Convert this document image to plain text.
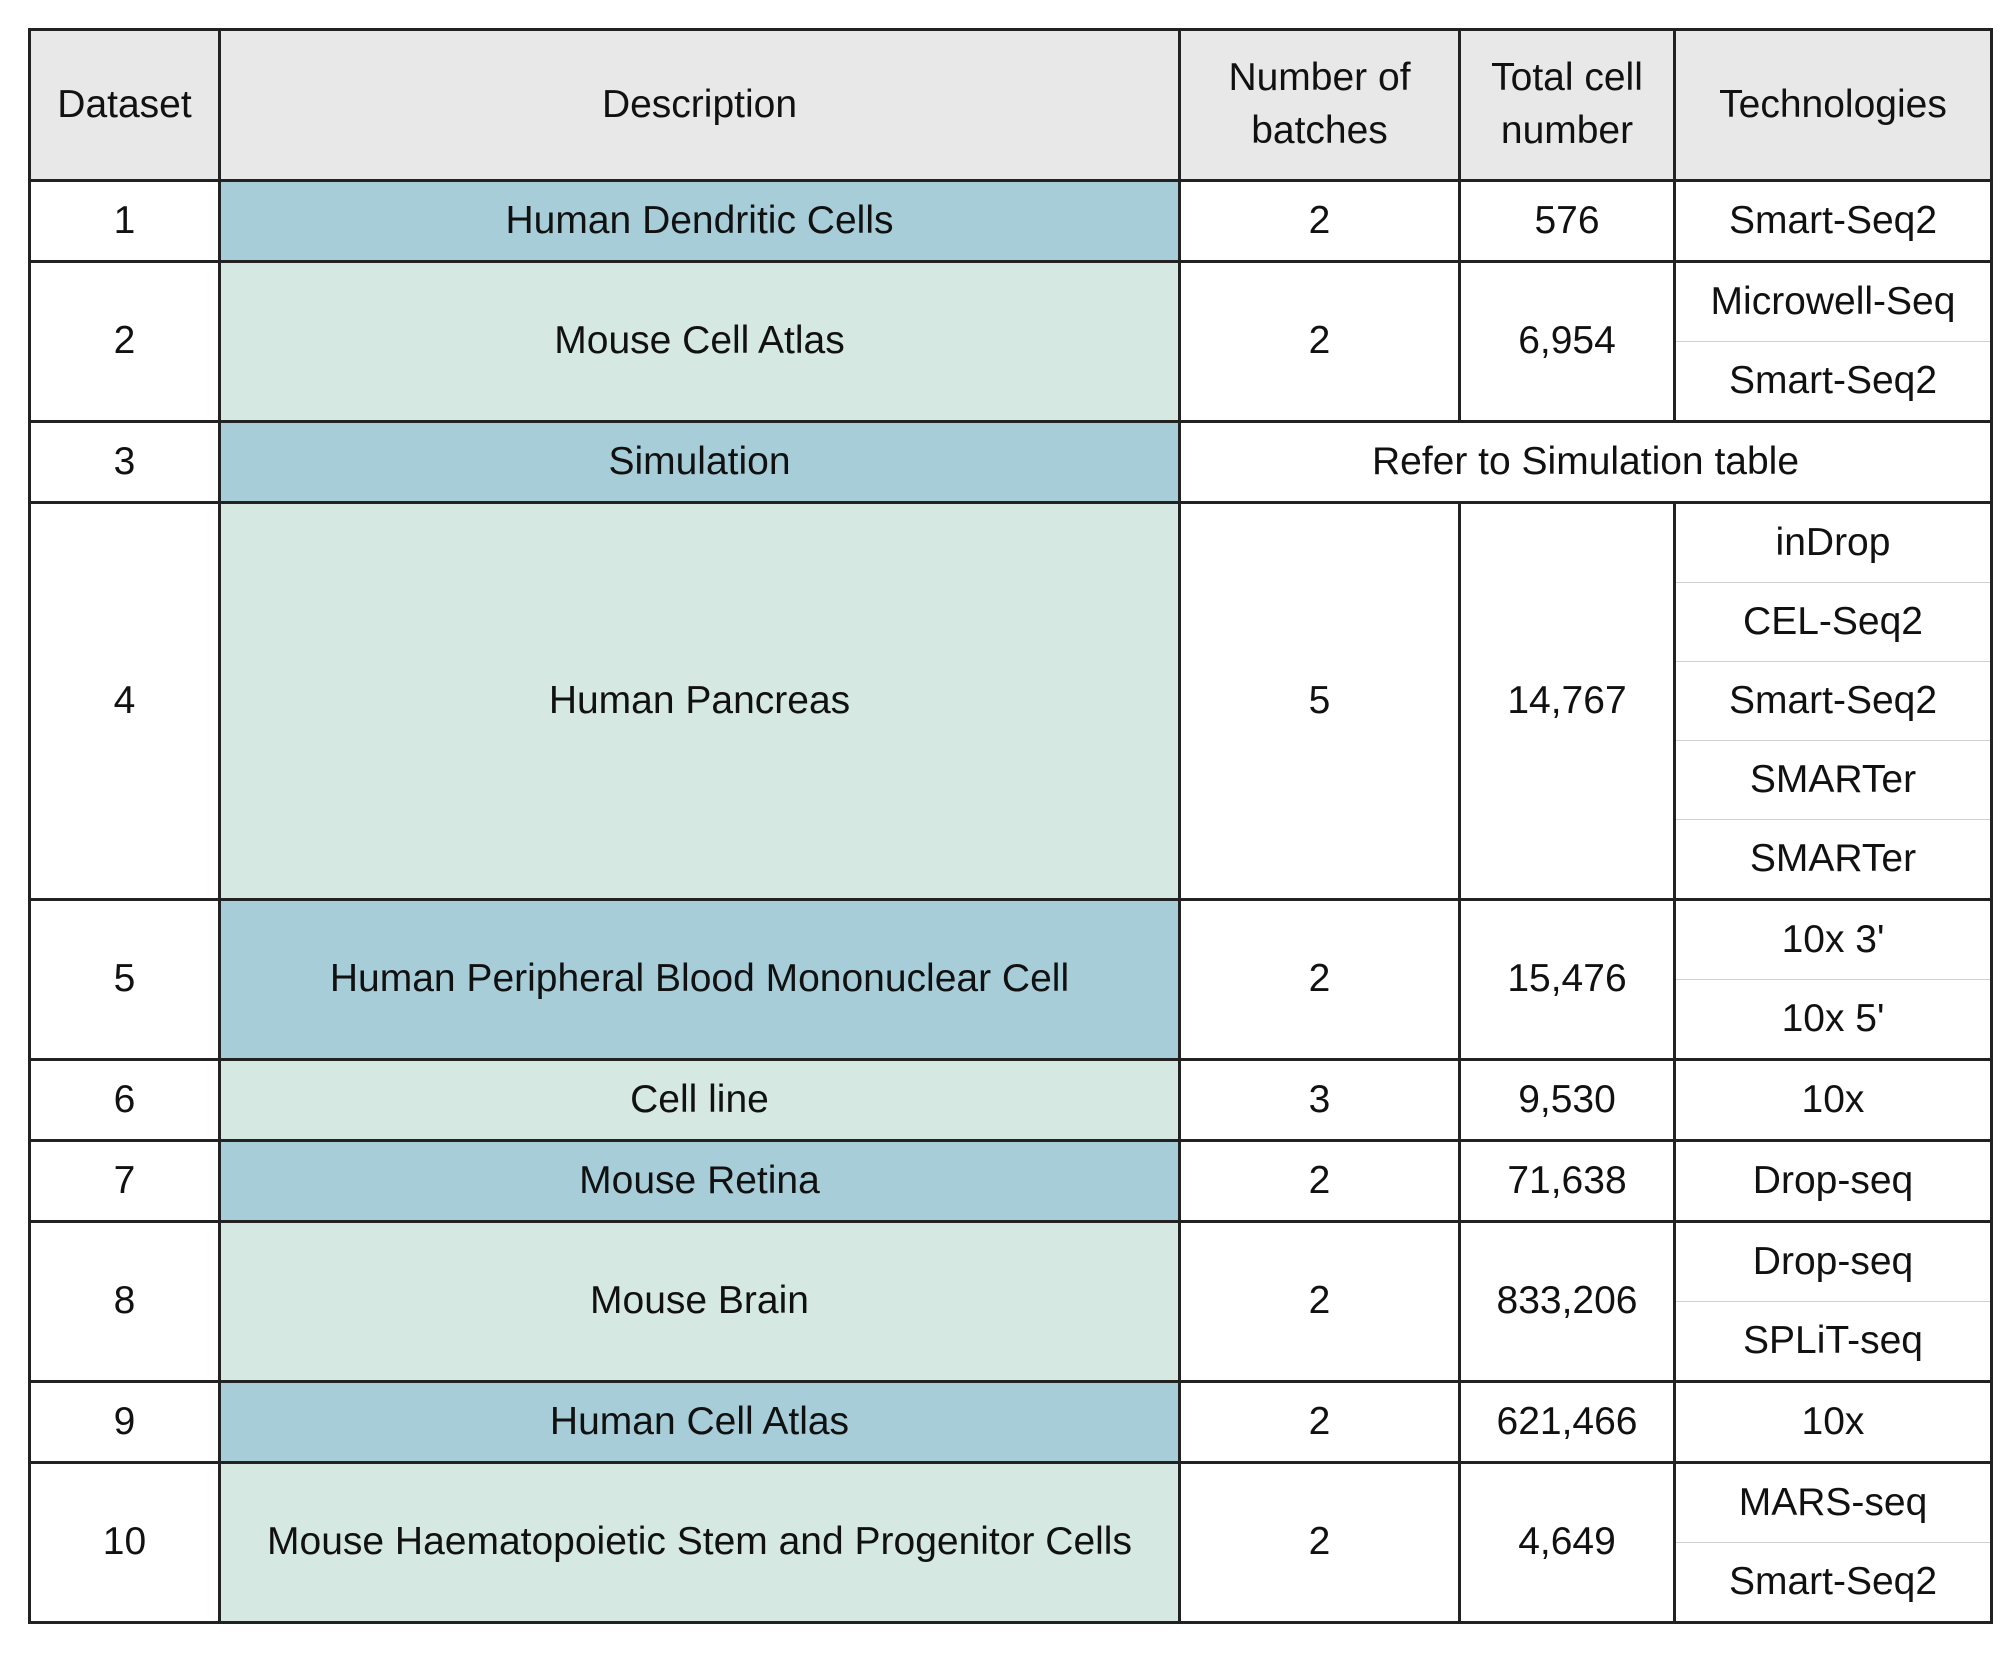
Dataset	Description	Number of batches	Total cell number	Technologies
1	Human Dendritic Cells	2	576	Smart-Seq2
2	Mouse Cell Atlas	2	6,954	Microwell-Seq
				Smart-Seq2
3	Simulation	Refer to Simulation table		
4	Human Pancreas	5	14,767	inDrop
				CEL-Seq2
				Smart-Seq2
				SMARTer
				SMARTer
5	Human Peripheral Blood Mononuclear Cell	2	15,476	10x 3'
				10x 5'
6	Cell line	3	9,530	10x
7	Mouse Retina	2	71,638	Drop-seq
8	Mouse Brain	2	833,206	Drop-seq
				SPLiT-seq
9	Human Cell Atlas	2	621,466	10x
10	Mouse Haematopoietic Stem and Progenitor Cells	2	4,649	MARS-seq
				Smart-Seq2
